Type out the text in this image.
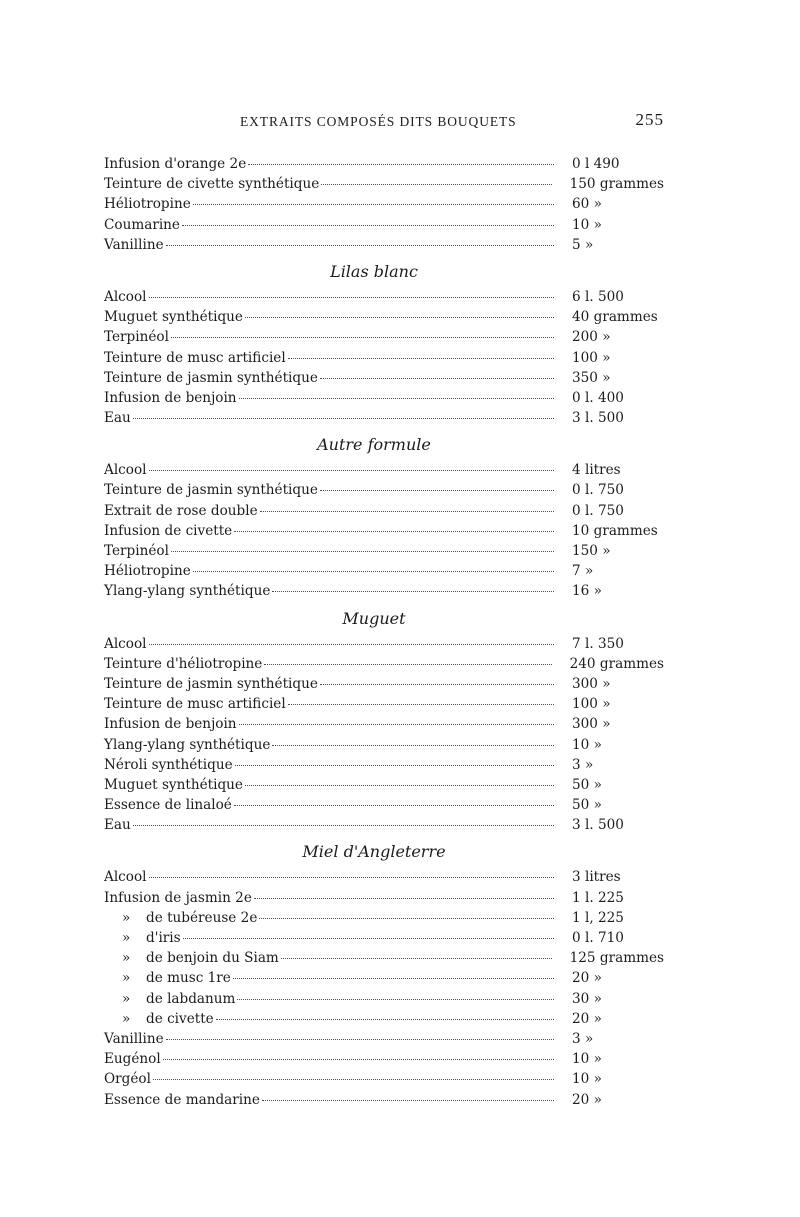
EXTRAITS COMPOSÉS DITS BOUQUETS	255
Infusion d'orange 2e	0 l 490
Teinture de civette synthétique	150 grammes
Héliotropine	60 »
Coumarine	10 »
Vanilline	5 »
Lilas blanc
Alcool	6 l. 500
Muguet synthétique	40 grammes
Terpinéol	200 »
Teinture de musc artificiel	100 »
Teinture de jasmin synthétique	350 »
Infusion de benjoin	0 l. 400
Eau	3 l. 500
Autre formule
Alcool	4 litres
Teinture de jasmin synthétique	0 l. 750
Extrait de rose double	0 l. 750
Infusion de civette	10 grammes
Terpinéol	150 »
Héliotropine	7 »
Ylang-ylang synthétique	16 »
Muguet
Alcool	7 l. 350
Teinture d'héliotropine	240 grammes
Teinture de jasmin synthétique	300 »
Teinture de musc artificiel	100 »
Infusion de benjoin	300 »
Ylang-ylang synthétique	10 »
Néroli synthétique	3 »
Muguet synthétique	50 »
Essence de linaloé	50 »
Eau	3 l. 500
Miel d'Angleterre
Alcool	3 litres
Infusion de jasmin 2e	1 l. 225
» de tubéreuse 2e	1 l, 225
» d'iris	0 l. 710
» de benjoin du Siam	125 grammes
» de musc 1re	20 »
» de labdanum	30 »
» de civette	20 »
Vanilline	3 »
Eugénol	10 »
Orgéol	10 »
Essence de mandarine	20 »
